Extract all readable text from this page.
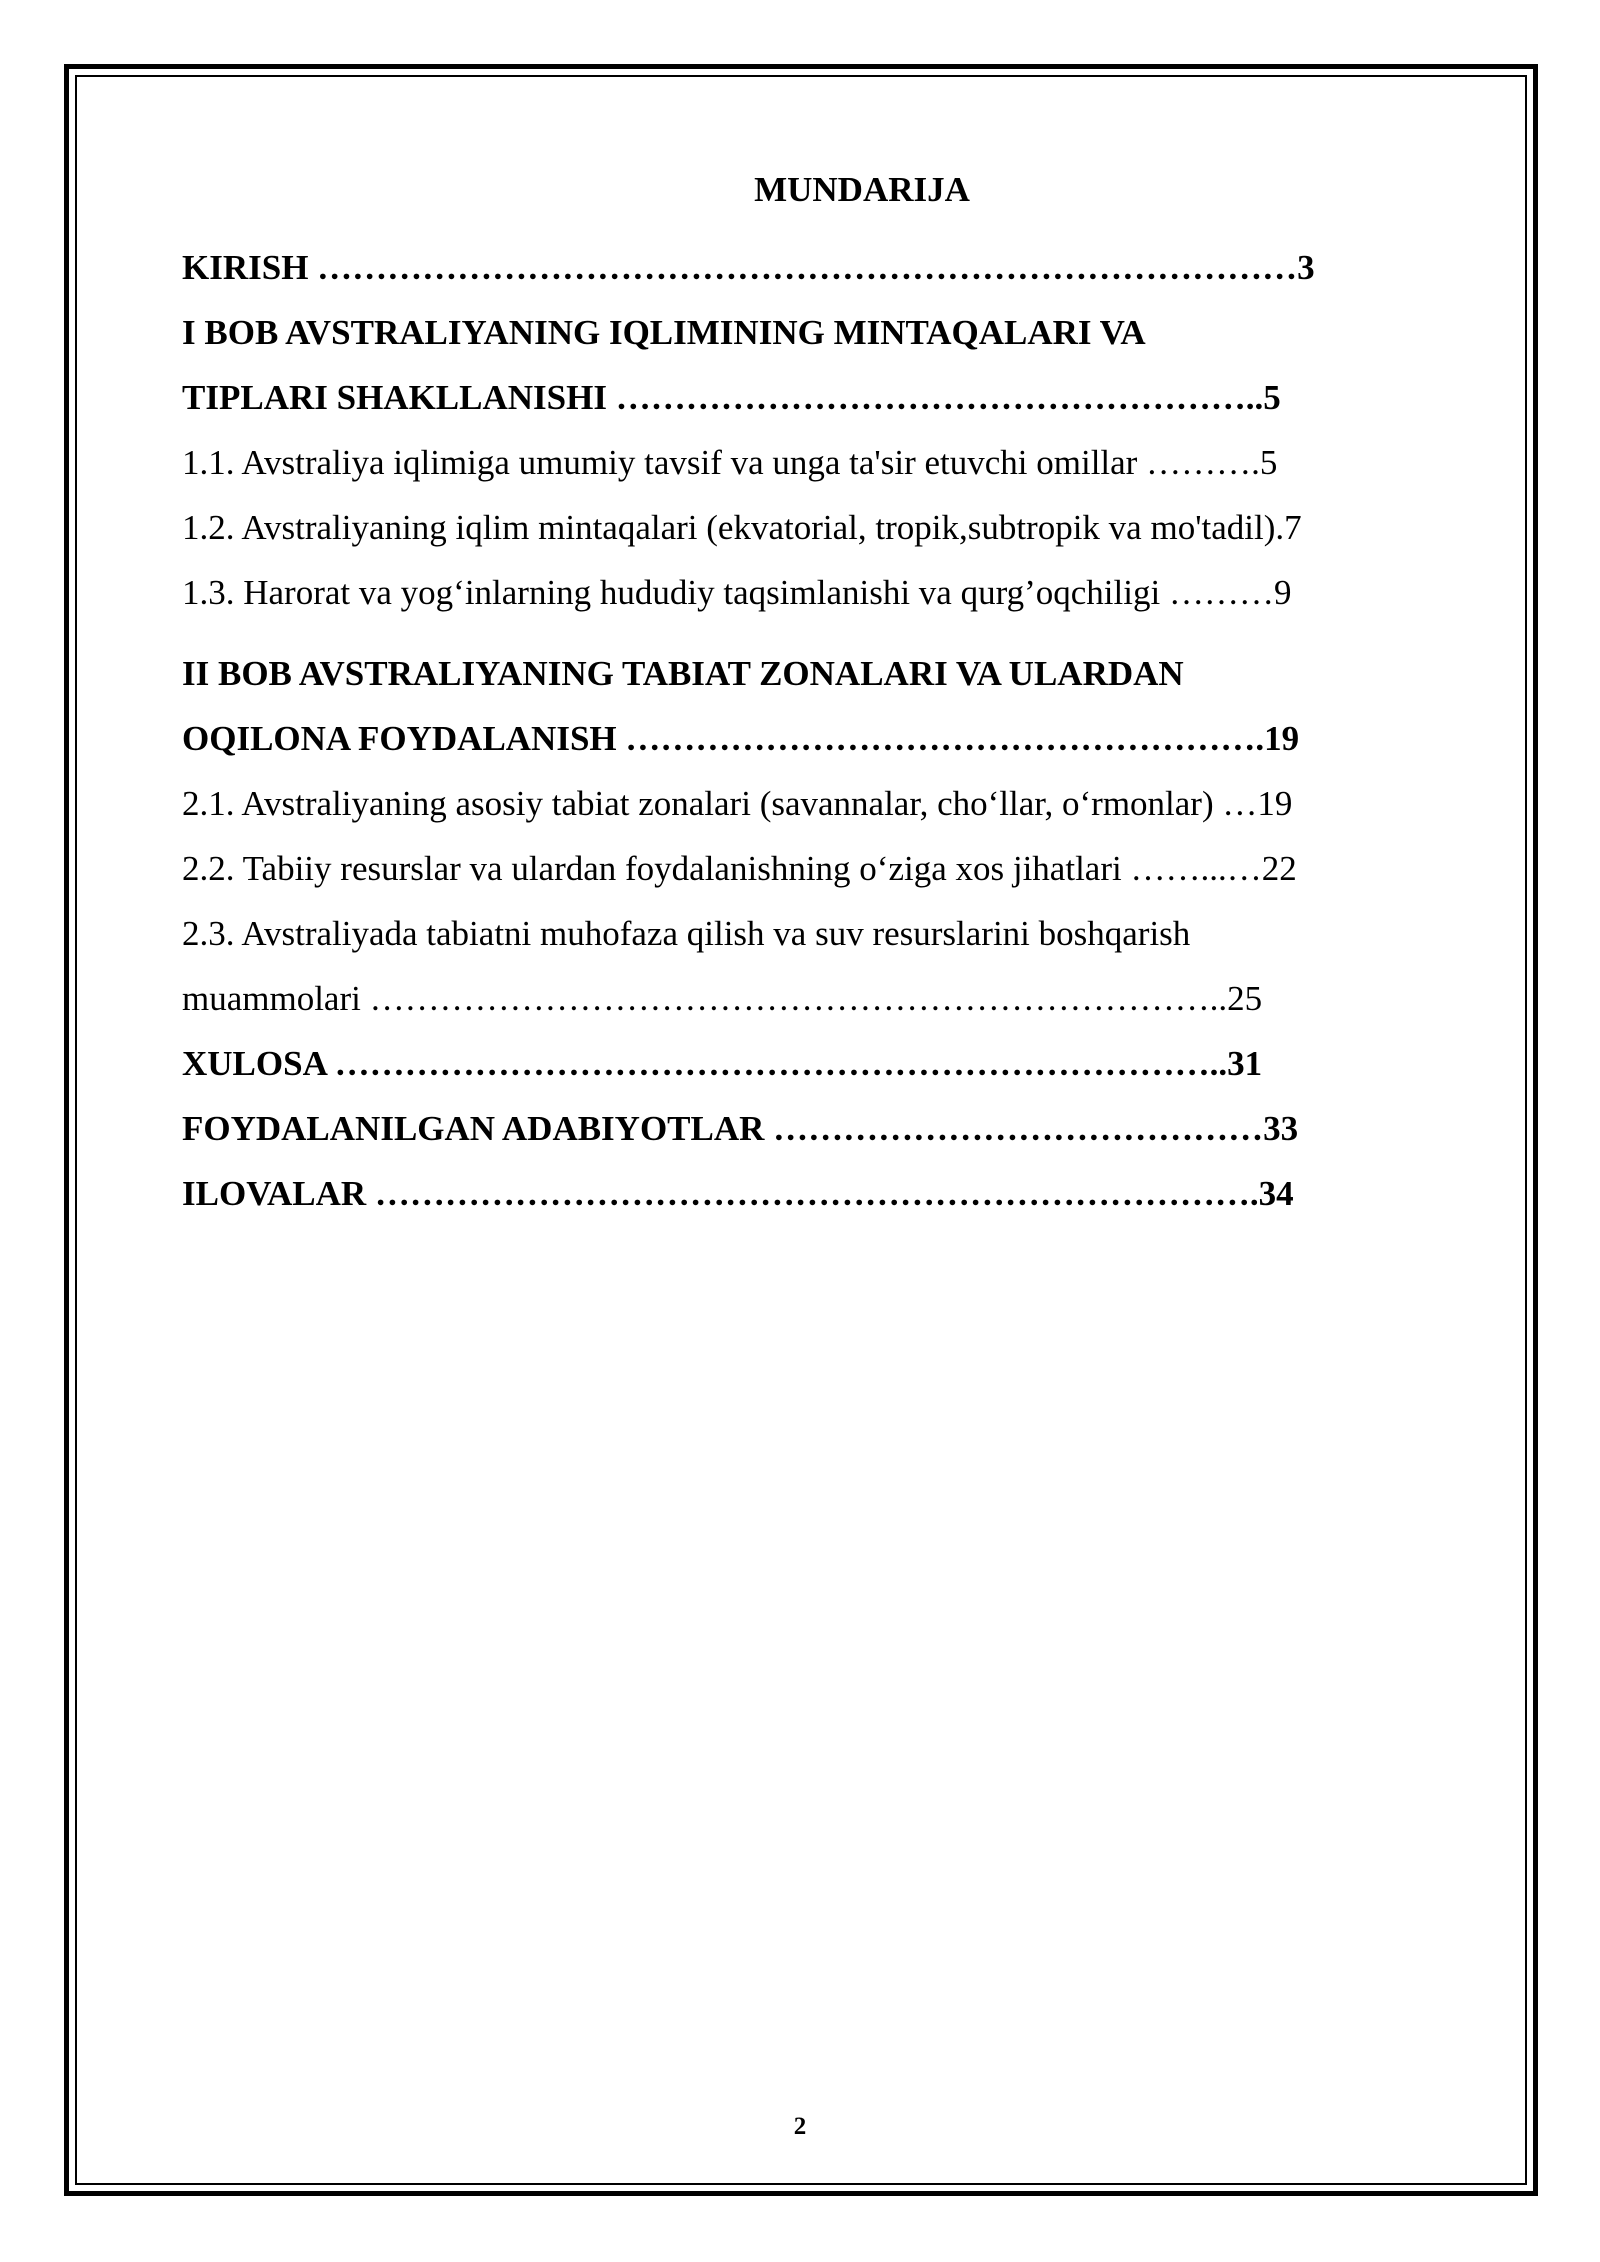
MUNDARIJA
KIRISH …………………………………………………………………………3
I BOB AVSTRALIYANING IQLIMINING MINTAQALARI VA
TIPLARI SHAKLLANISHI ………………………………………………..5
1.1. Avstraliya iqlimiga umumiy tavsif va unga ta'sir etuvchi omillar ……….5
1.2. Avstraliyaning iqlim mintaqalari (ekvatorial, tropik,subtropik va mo'tadil).7
1.3. Harorat va yog‘inlarning hududiy taqsimlanishi va qurg’oqchiligi ………9
II BOB AVSTRALIYANING TABIAT ZONALARI VA ULARDAN
OQILONA FOYDALANISH ……………………………………………….19
2.1. Avstraliyaning asosiy tabiat zonalari (savannalar, cho‘llar, o‘rmonlar) …19
2.2. Tabiiy resurslar va ulardan foydalanishning o‘ziga xos jihatlari ……...…22
2.3. Avstraliyada tabiatni muhofaza qilish va suv resurslarini boshqarish
muammolari ………………………………………………………………..25
XULOSA …………………………………………………………………..31
FOYDALANILGAN ADABIYOTLAR ……………………………………33
ILOVALAR ………………………………………………………………….34
2
